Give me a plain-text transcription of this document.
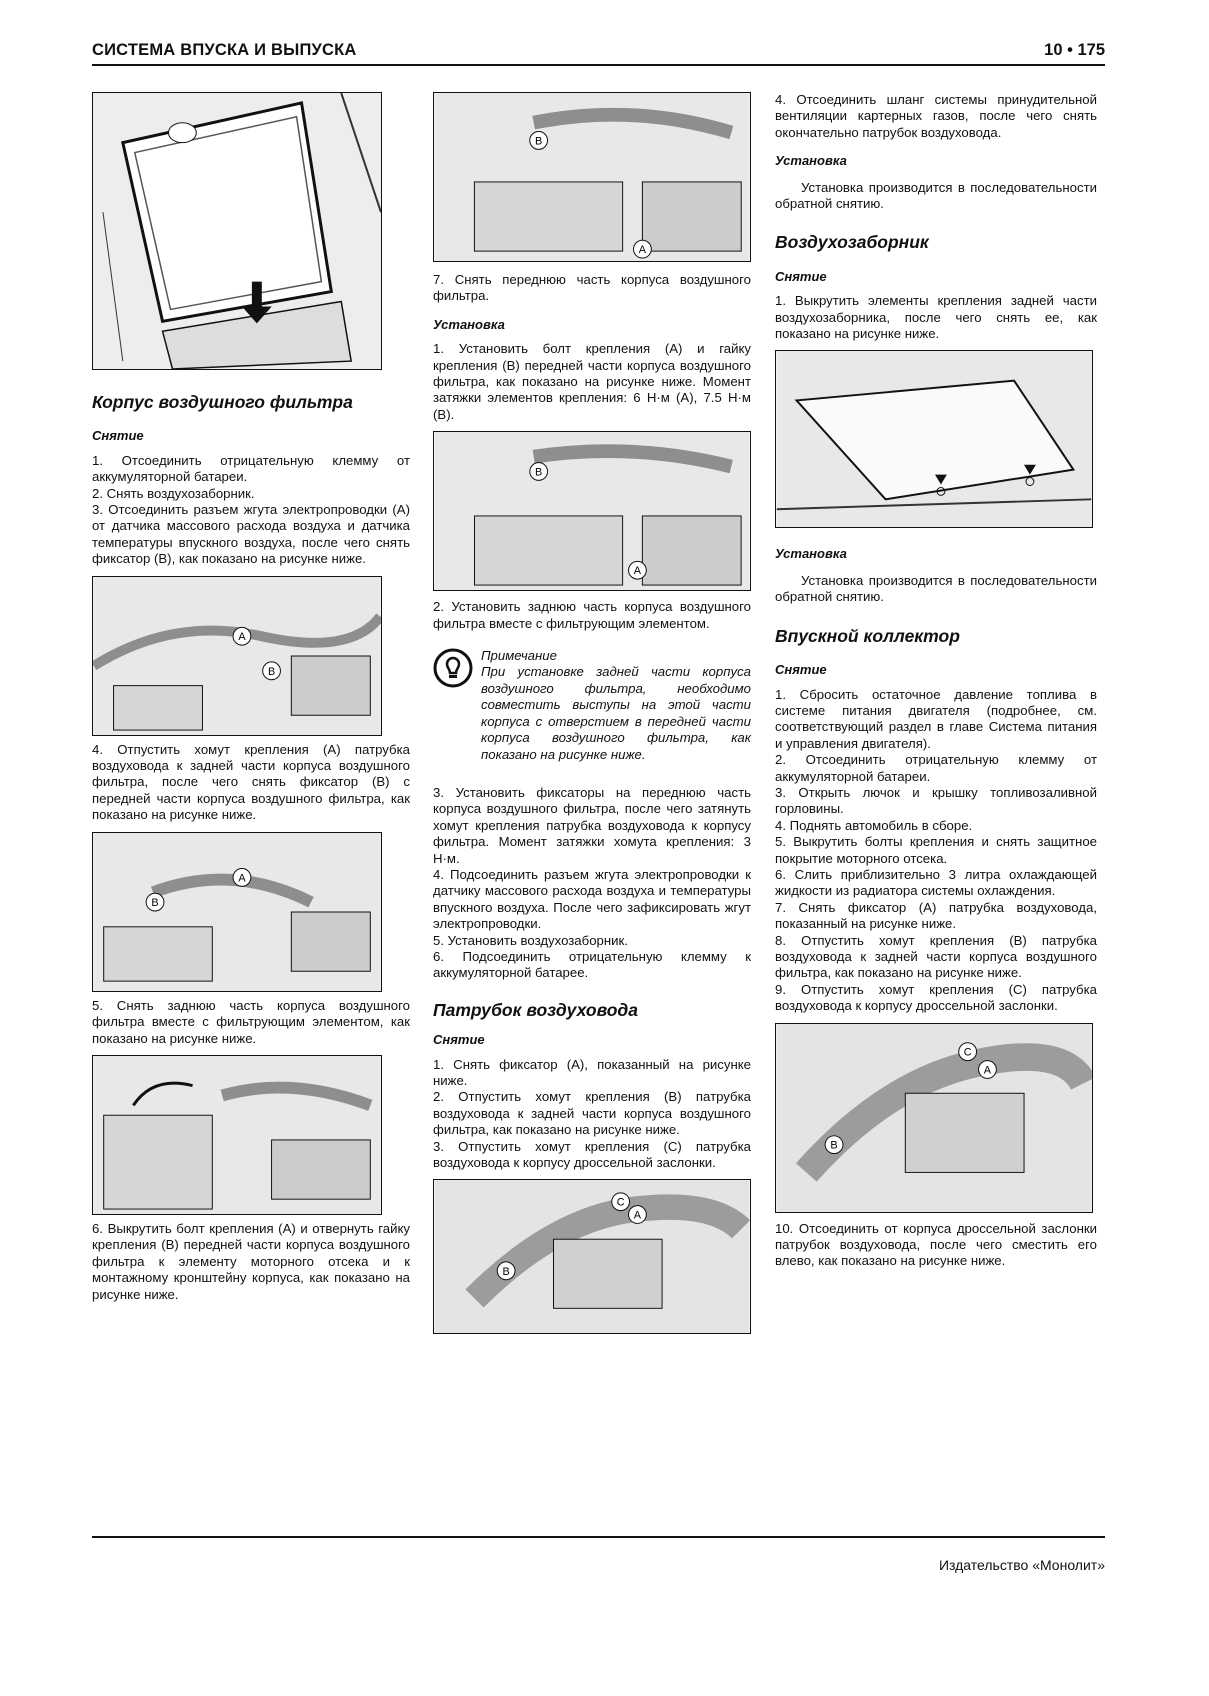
СИСТЕМА ВПУСКА И ВЫПУСКА	10 • 175

Корпус воздушного фильтра

Снятие

1. Отсоединить отрицательную клемму от аккумуляторной батареи.

2. Снять воздухозаборник.

3. Отсоединить разъем жгута электропроводки (A) от датчика массового расхода воздуха и датчика температуры впускного воздуха, после чего снять фиксатор (B), как показано на рисунке ниже.

A
B

4. Отпустить хомут крепления (A) патрубка воздуховода к задней части корпуса воздушного фильтра, после чего снять фиксатор (B) с передней части корпуса воздушного фильтра, как показано на рисунке ниже.

A
B

5. Снять заднюю часть корпуса воздушного фильтра вместе с фильтрующим элементом, как показано на рисунке ниже.

6. Выкрутить болт крепления (A) и отвернуть гайку крепления (B) передней части корпуса воздушного фильтра к элементу моторного отсека и к монтажному кронштейну корпуса, как показано на рисунке ниже.

B
A

7. Снять переднюю часть корпуса воздушного фильтра.

Установка

1. Установить болт крепления (A) и гайку крепления (B) передней части корпуса воздушного фильтра, как показано на рисунке ниже. Момент затяжки элементов крепления: 6 Н·м (A), 7.5 Н·м (B).

B
A

2. Установить заднюю часть корпуса воздушного фильтра вместе с фильтрующим элементом.

Примечание

При установке задней части корпуса воздушного фильтра, необходимо совместить выступы на этой части корпуса с отверстием в передней части корпуса воздушного фильтра, как показано на рисунке ниже.

3. Установить фиксаторы на переднюю часть корпуса воздушного фильтра, после чего затянуть хомут крепления патрубка воздуховода к корпусу фильтра. Момент затяжки хомута крепления: 3 Н·м.

4. Подсоединить разъем жгута электропроводки к датчику массового расхода воздуха и температуры впускного воздуха. После чего зафиксировать жгут электропроводки.

5. Установить воздухозаборник.

6. Подсоединить отрицательную клемму к аккумуляторной батарее.

Патрубок воздуховода

Снятие

1. Снять фиксатор (A), показанный на рисунке ниже.

2. Отпустить хомут крепления (B) патрубка воздуховода к задней части корпуса воздушного фильтра, как показано на рисунке ниже.

3. Отпустить хомут крепления (C) патрубка воздуховода к корпусу дроссельной заслонки.

C
A
B

4. Отсоединить шланг системы принудительной вентиляции картерных газов, после чего снять окончательно патрубок воздуховода.

Установка

Установка производится в последовательности обратной снятию.

Воздухозаборник

Снятие

1. Выкрутить элементы крепления задней части воздухозаборника, после чего снять ее, как показано на рисунке ниже.

Установка

Установка производится в последовательности обратной снятию.

Впускной коллектор

Снятие

1. Сбросить остаточное давление топлива в системе питания двигателя (подробнее, см. соответствующий раздел в главе Система питания и управления двигателя).

2. Отсоединить отрицательную клемму от аккумуляторной батареи.

3. Открыть лючок и крышку топливозаливной горловины.

4. Поднять автомобиль в сборе.

5. Выкрутить болты крепления и снять защитное покрытие моторного отсека.

6. Слить приблизительно 3 литра охлаждающей жидкости из радиатора системы охлаждения.

7. Снять фиксатор (A) патрубка воздуховода, показанный на рисунке ниже.

8. Отпустить хомут крепления (B) патрубка воздуховода к задней части корпуса воздушного фильтра, как показано на рисунке ниже.

9. Отпустить хомут крепления (C) патрубка воздуховода к корпусу дроссельной заслонки.

C
A
B

10. Отсоединить от корпуса дроссельной заслонки патрубок воздуховода, после чего сместить его влево, как показано на рисунке ниже.

Издательство «Монолит»
